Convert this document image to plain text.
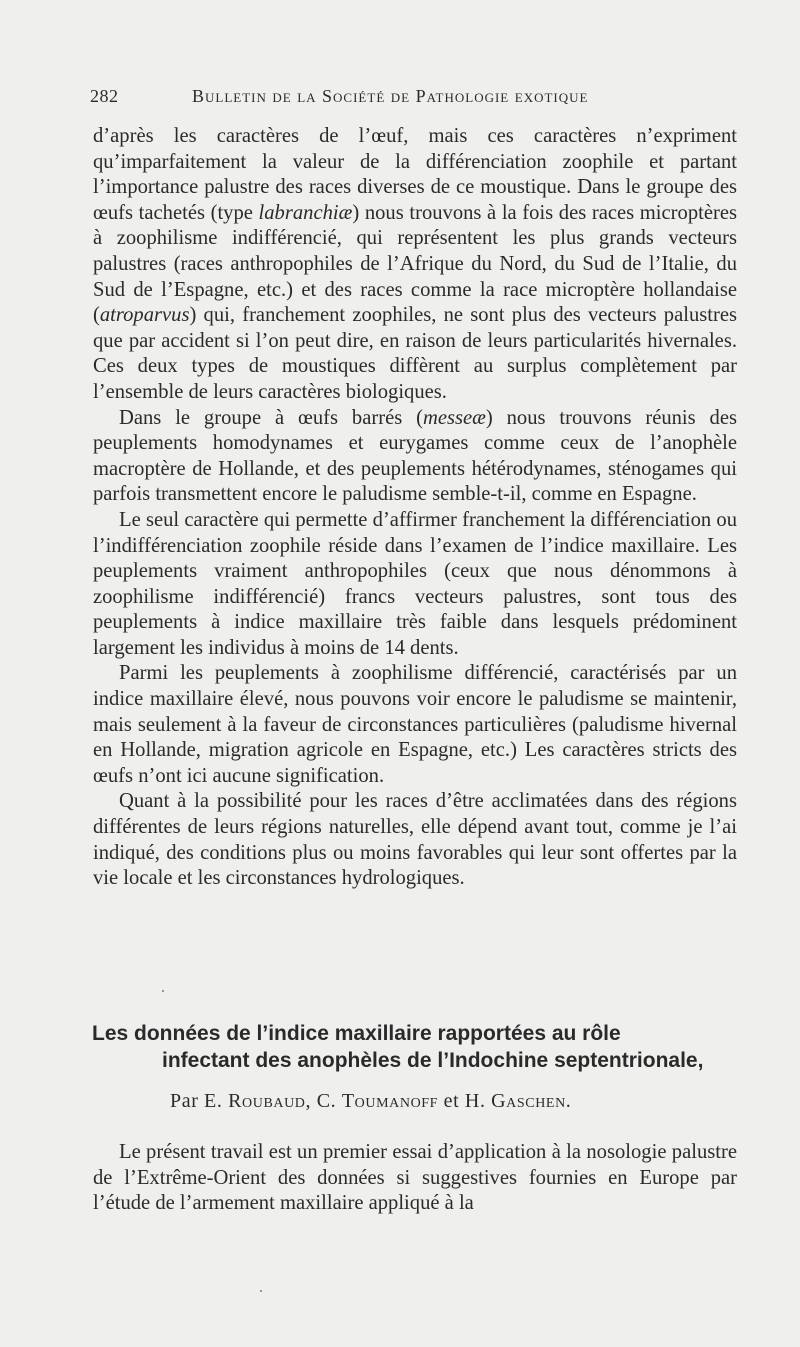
282	Bulletin de la Société de Pathologie exotique

d’après les caractères de l’œuf, mais ces caractères n’expriment qu’imparfaitement la valeur de la différenciation zoophile et partant l’importance palustre des races diverses de ce moustique. Dans le groupe des œufs tachetés (type labranchiæ) nous trouvons à la fois des races microptères à zoophilisme indifférencié, qui représentent les plus grands vecteurs palustres (races anthropophiles de l’Afrique du Nord, du Sud de l’Italie, du Sud de l’Espagne, etc.) et des races comme la race microptère hollandaise (atroparvus) qui, franchement zoophiles, ne sont plus des vecteurs palustres que par accident si l’on peut dire, en raison de leurs particularités hivernales. Ces deux types de moustiques diffèrent au surplus complètement par l’ensemble de leurs caractères biologiques.

Dans le groupe à œufs barrés (messeæ) nous trouvons réunis des peuplements homodynames et eurygames comme ceux de l’anophèle macroptère de Hollande, et des peuplements hétérodynames, sténogames qui parfois transmettent encore le paludisme semble-t-il, comme en Espagne.

Le seul caractère qui permette d’affirmer franchement la différenciation ou l’indifférenciation zoophile réside dans l’examen de l’indice maxillaire. Les peuplements vraiment anthropophiles (ceux que nous dénommons à zoophilisme indifférencié) francs vecteurs palustres, sont tous des peuplements à indice maxillaire très faible dans lesquels prédominent largement les individus à moins de 14 dents.

Parmi les peuplements à zoophilisme différencié, caractérisés par un indice maxillaire élevé, nous pouvons voir encore le paludisme se maintenir, mais seulement à la faveur de circonstances particulières (paludisme hivernal en Hollande, migration agricole en Espagne, etc.) Les caractères stricts des œufs n’ont ici aucune signification.

Quant à la possibilité pour les races d’être acclimatées dans des régions différentes de leurs régions naturelles, elle dépend avant tout, comme je l’ai indiqué, des conditions plus ou moins favorables qui leur sont offertes par la vie locale et les circonstances hydrologiques.

Les données de l’indice maxillaire rapportées au rôle
infectant des anophèles de l’Indochine septentrionale,
Par E. Roubaud, C. Toumanoff et H. Gaschen.

Le présent travail est un premier essai d’application à la nosologie palustre de l’Extrême-Orient des données si suggestives fournies en Europe par l’étude de l’armement maxillaire appliqué à la
